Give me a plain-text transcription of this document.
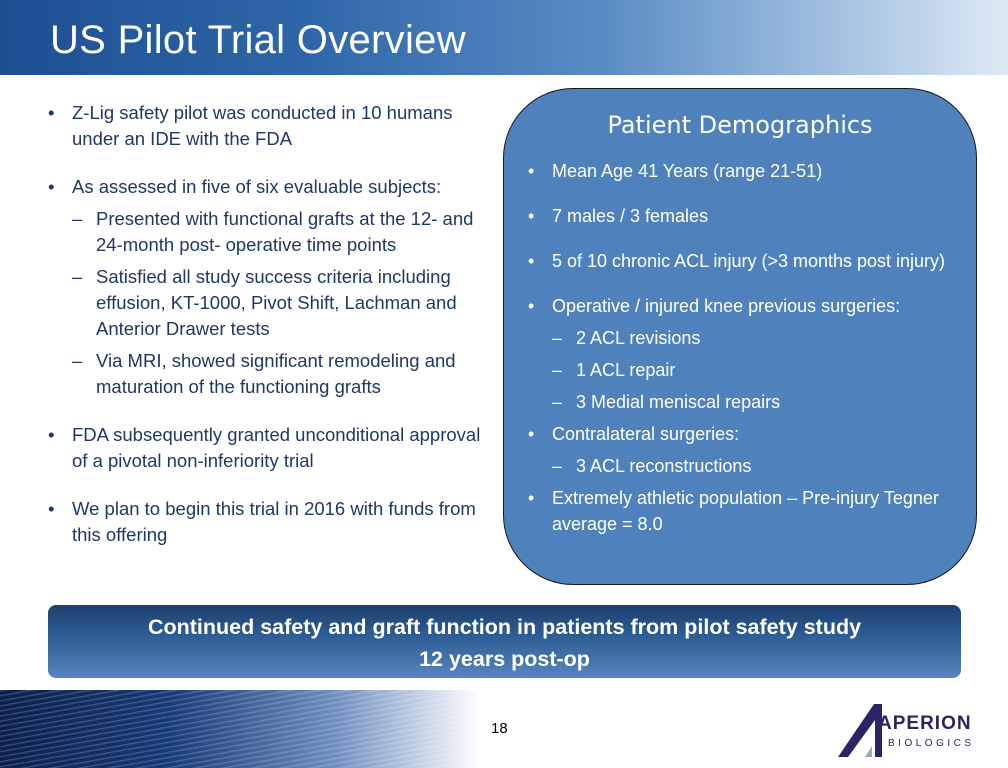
US Pilot Trial Overview
• Z-Lig safety pilot was conducted in 10 humans under an IDE with the FDA
• As assessed in five of six evaluable subjects:
– Presented with functional grafts at the 12- and 24-month post- operative time points
– Satisfied all study success criteria including effusion, KT-1000, Pivot Shift, Lachman and Anterior Drawer tests
– Via MRI, showed significant remodeling and maturation of the functioning grafts
• FDA subsequently granted unconditional approval of a pivotal non-inferiority trial
• We plan to begin this trial in 2016 with funds from this offering
Patient Demographics
• Mean Age 41 Years (range 21-51)
• 7 males / 3 females
• 5 of 10 chronic ACL injury (>3 months post injury)
• Operative / injured knee previous surgeries:
– 2 ACL revisions
– 1 ACL repair
– 3 Medial meniscal repairs
• Contralateral surgeries:
– 3 ACL reconstructions
• Extremely athletic population – Pre-injury Tegner average = 8.0
Continued safety and graft function in patients from pilot safety study
12 years post-op
18	APERION
BIOLOGICS
